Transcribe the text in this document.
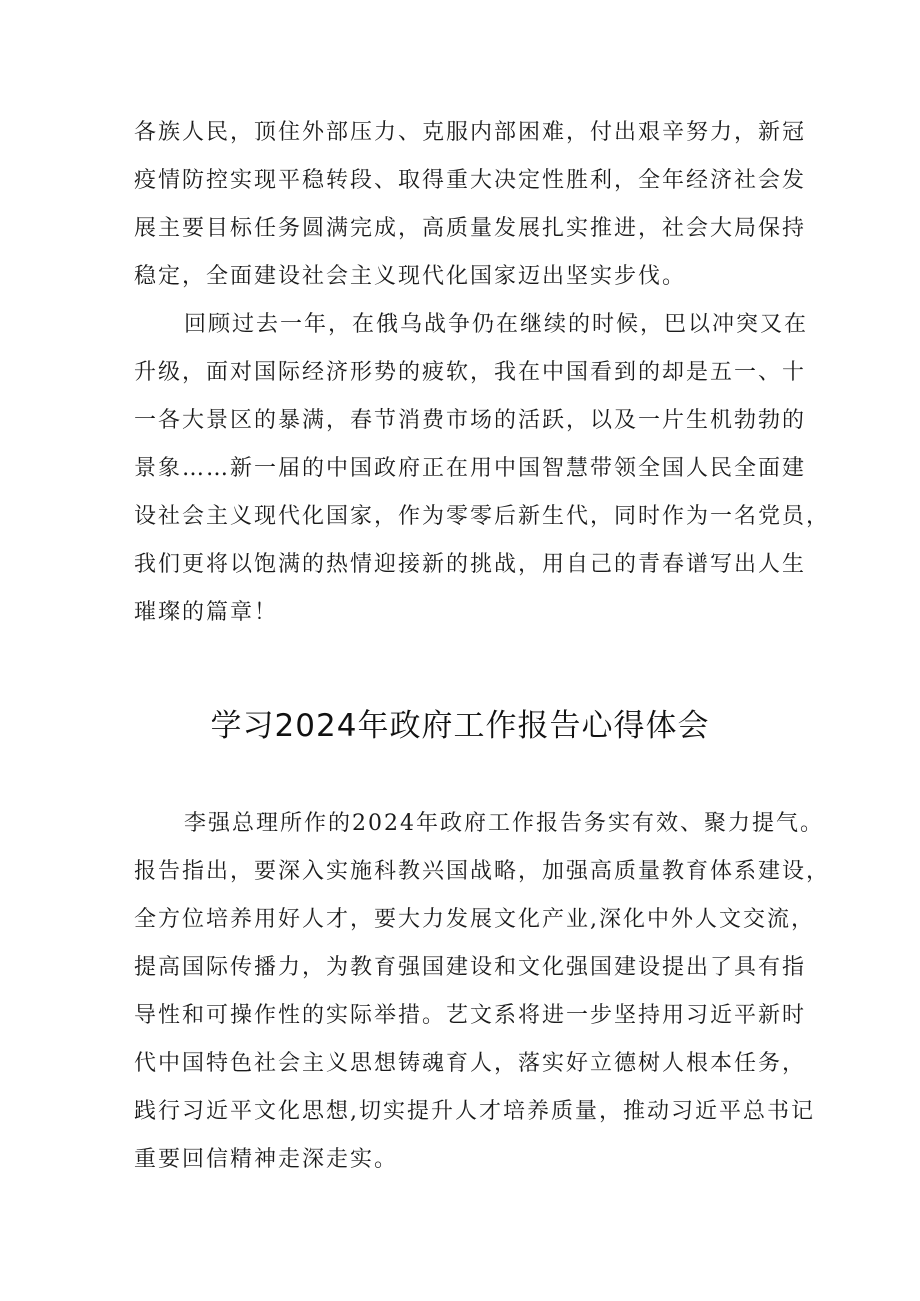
各族人民，顶住外部压力、克服内部困难，付出艰辛努力，新冠
疫情防控实现平稳转段、取得重大决定性胜利，全年经济社会发
展主要目标任务圆满完成，高质量发展扎实推进，社会大局保持
稳定，全面建设社会主义现代化国家迈出坚实步伐。
回顾过去一年，在俄乌战争仍在继续的时候，巴以冲突又在
升级，面对国际经济形势的疲软，我在中国看到的却是五一、十
一各大景区的暴满，春节消费市场的活跃，以及一片生机勃勃的
景象……新一届的中国政府正在用中国智慧带领全国人民全面建
设社会主义现代化国家，作为零零后新生代，同时作为一名党员，
我们更将以饱满的热情迎接新的挑战，用自己的青春谱写出人生
璀璨的篇章！
学习2024年政府工作报告心得体会
李强总理所作的2024年政府工作报告务实有效、聚力提气。
报告指出，要深入实施科教兴国战略，加强高质量教育体系建设，
全方位培养用好人才，要大力发展文化产业,深化中外人文交流，
提高国际传播力，为教育强国建设和文化强国建设提出了具有指
导性和可操作性的实际举措。艺文系将进一步坚持用习近平新时
代中国特色社会主义思想铸魂育人，落实好立德树人根本任务，
践行习近平文化思想,切实提升人才培养质量，推动习近平总书记
重要回信精神走深走实。
